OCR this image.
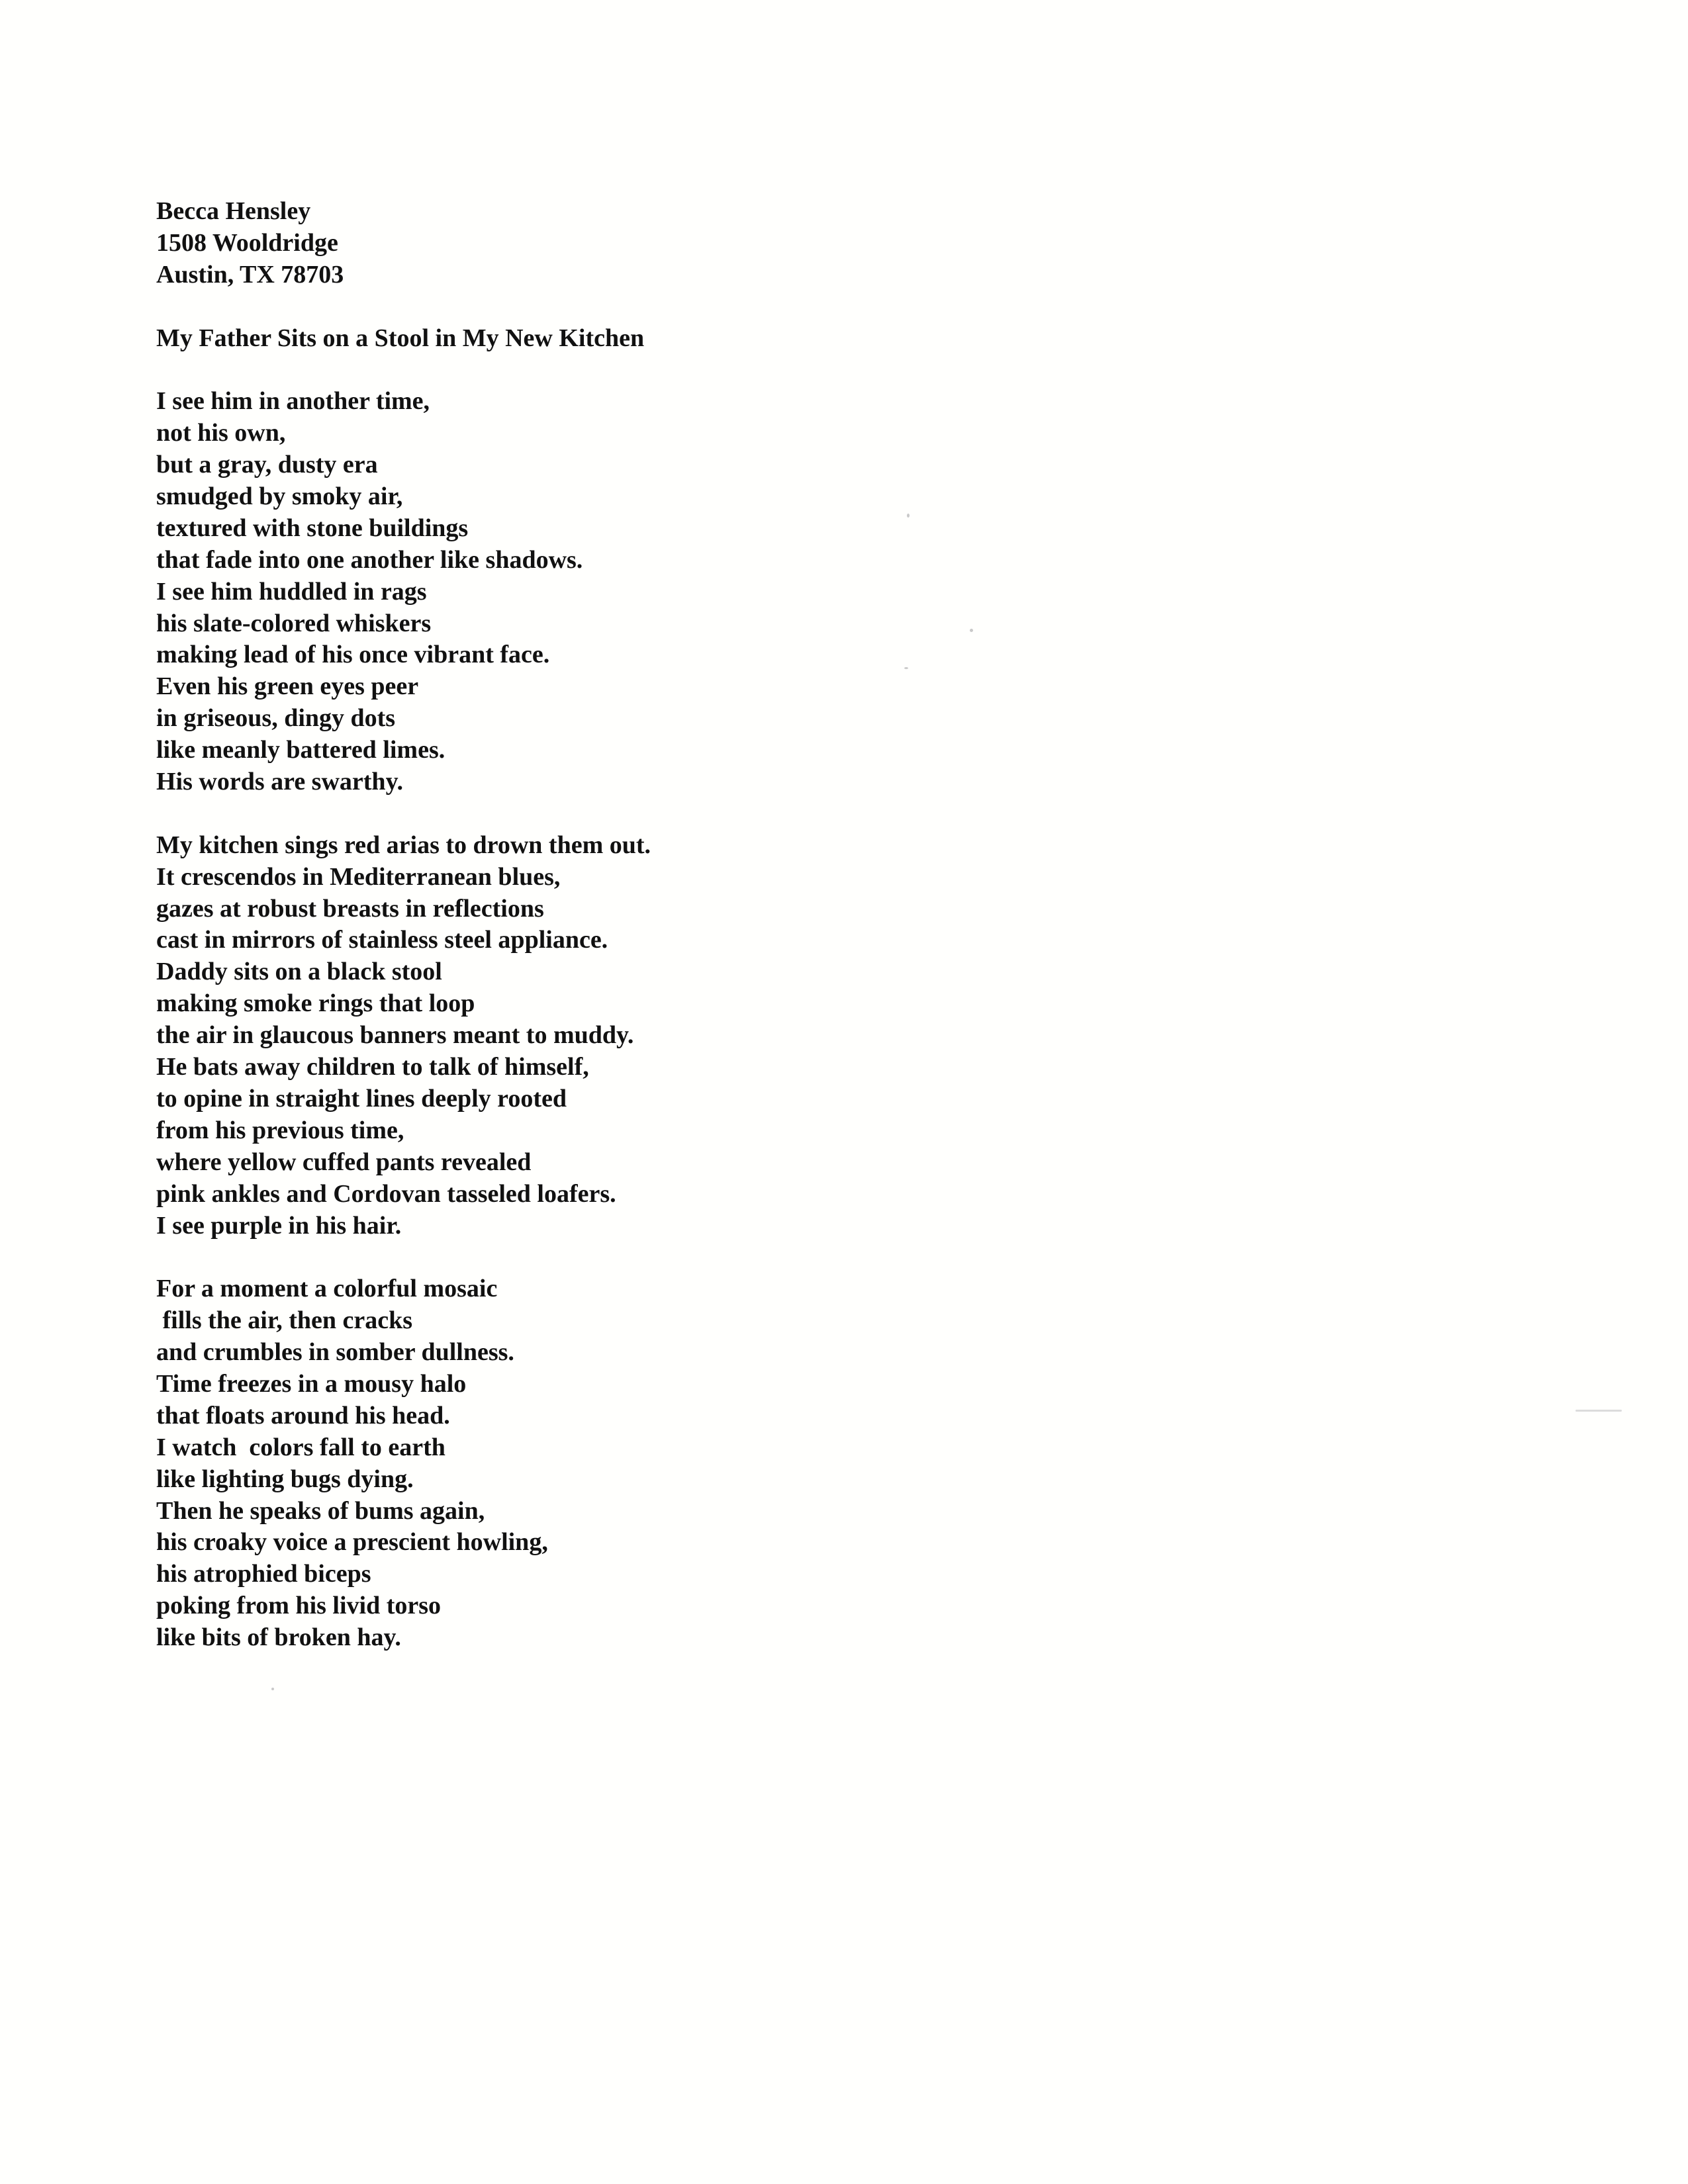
Becca Hensley
1508 Wooldridge
Austin, TX 78703
My Father Sits on a Stool in My New Kitchen
I see him in another time,
not his own,
but a gray, dusty era
smudged by smoky air,
textured with stone buildings
that fade into one another like shadows.
I see him huddled in rags
his slate-colored whiskers
making lead of his once vibrant face.
Even his green eyes peer
in griseous, dingy dots
like meanly battered limes.
His words are swarthy.
My kitchen sings red arias to drown them out.
It crescendos in Mediterranean blues,
gazes at robust breasts in reflections
cast in mirrors of stainless steel appliance.
Daddy sits on a black stool
making smoke rings that loop
the air in glaucous banners meant to muddy.
He bats away children to talk of himself,
to opine in straight lines deeply rooted
from his previous time,
where yellow cuffed pants revealed
pink ankles and Cordovan tasseled loafers.
I see purple in his hair.
For a moment a colorful mosaic
fills the air, then cracks
and crumbles in somber dullness.
Time freezes in a mousy halo
that floats around his head.
I watch  colors fall to earth
like lighting bugs dying.
Then he speaks of bums again,
his croaky voice a prescient howling,
his atrophied biceps
poking from his livid torso
like bits of broken hay.
